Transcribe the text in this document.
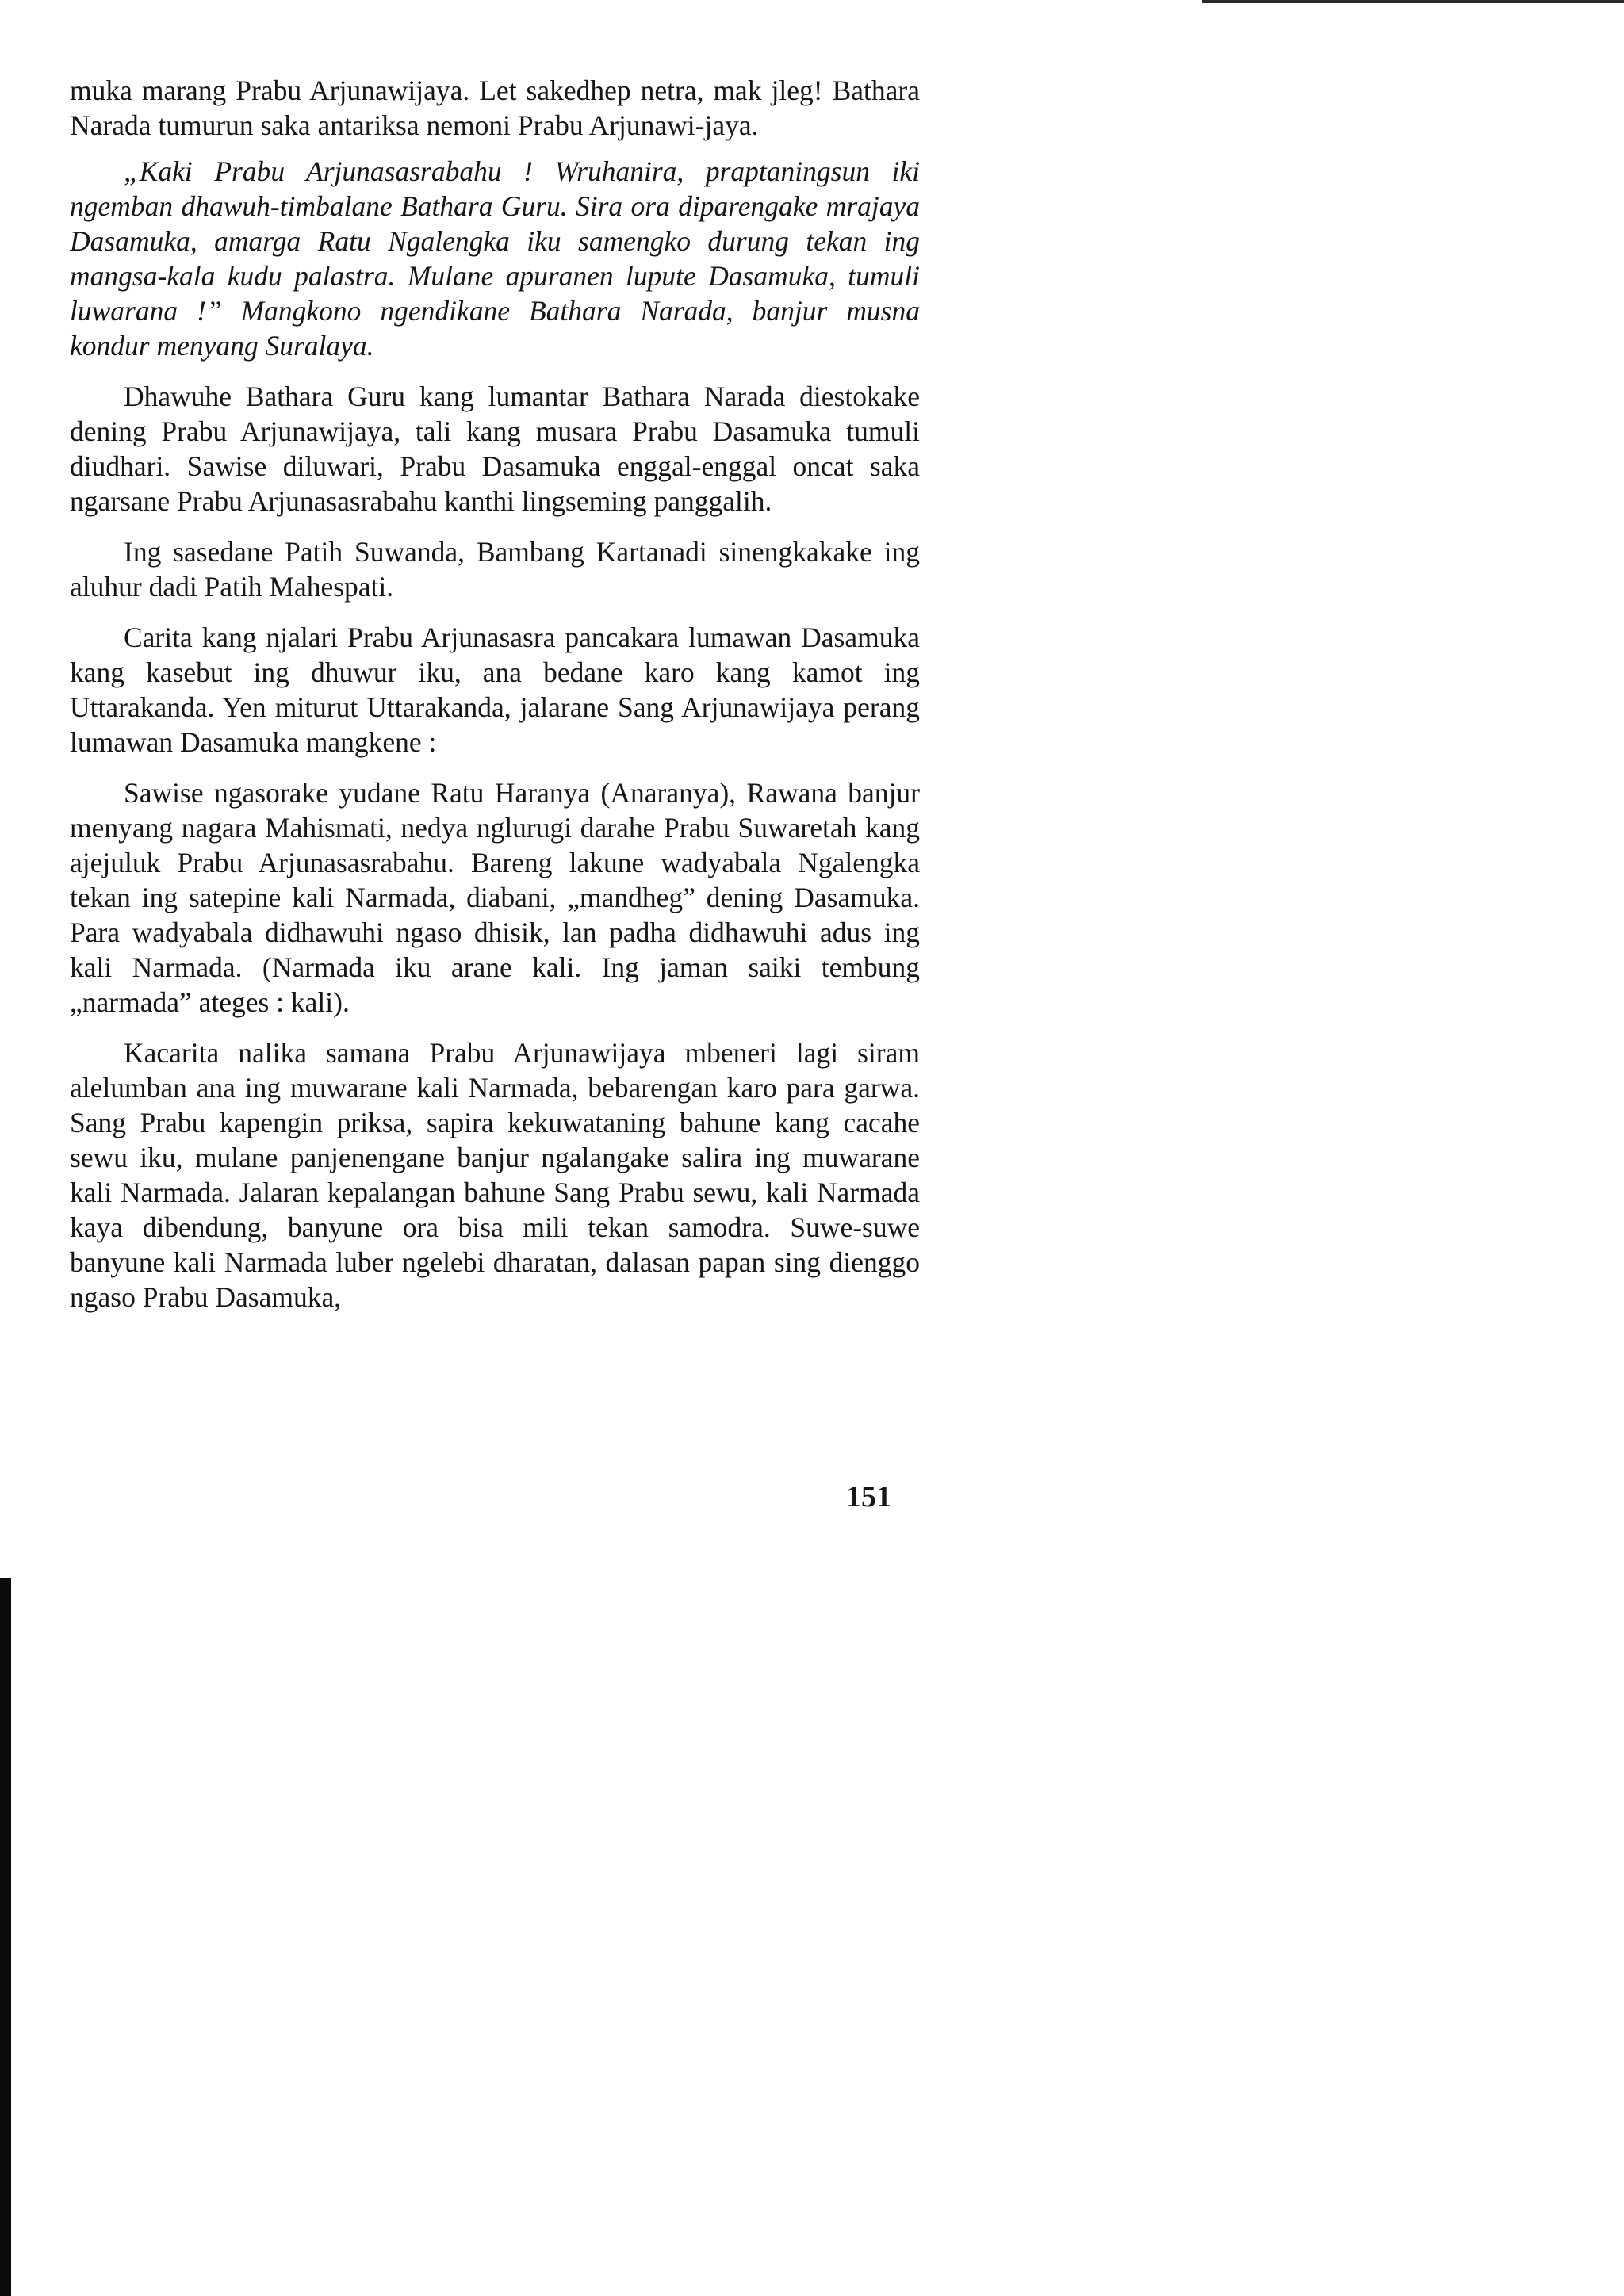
muka marang Prabu Arjunawijaya. Let sakedhep netra, mak jleg! Bathara Narada tumurun saka antariksa nemoni Prabu Arjunawi-jaya.

„Kaki Prabu Arjunasasrabahu ! Wruhanira, praptaningsun iki ngemban dhawuh-timbalane Bathara Guru. Sira ora diparengake mrajaya Dasamuka, amarga Ratu Ngalengka iku samengko durung tekan ing mangsa-kala kudu palastra. Mulane apuranen lupute Dasamuka, tumuli luwarana !” Mangkono ngendikane Bathara Narada, banjur musna kondur menyang Suralaya.

Dhawuhe Bathara Guru kang lumantar Bathara Narada diestokake dening Prabu Arjunawijaya, tali kang musara Prabu Dasamuka tumuli diudhari. Sawise diluwari, Prabu Dasamuka enggal-enggal oncat saka ngarsane Prabu Arjunasasrabahu kanthi lingseming panggalih.

Ing sasedane Patih Suwanda, Bambang Kartanadi sinengkakake ing aluhur dadi Patih Mahespati.

Carita kang njalari Prabu Arjunasasra pancakara lumawan Dasamuka kang kasebut ing dhuwur iku, ana bedane karo kang kamot ing Uttarakanda. Yen miturut Uttarakanda, jalarane Sang Arjunawijaya perang lumawan Dasamuka mangkene :

Sawise ngasorake yudane Ratu Haranya (Anaranya), Rawana banjur menyang nagara Mahismati, nedya nglurugi darahe Prabu Suwaretah kang ajejuluk Prabu Arjunasasrabahu. Bareng lakune wadyabala Ngalengka tekan ing satepine kali Narmada, diabani, „mandheg” dening Dasamuka. Para wadyabala didhawuhi ngaso dhisik, lan padha didhawuhi adus ing kali Narmada. (Narmada iku arane kali. Ing jaman saiki tembung „narmada” ateges : kali).

Kacarita nalika samana Prabu Arjunawijaya mbeneri lagi siram alelumban ana ing muwarane kali Narmada, bebarengan karo para garwa. Sang Prabu kapengin priksa, sapira kekuwataning bahune kang cacahe sewu iku, mulane panjenengane banjur ngalangake salira ing muwarane kali Narmada. Jalaran kepalangan bahune Sang Prabu sewu, kali Narmada kaya dibendung, banyune ora bisa mili tekan samodra. Suwe-suwe banyune kali Narmada luber ngelebi dharatan, dalasan papan sing dienggo ngaso Prabu Dasamuka,

151
